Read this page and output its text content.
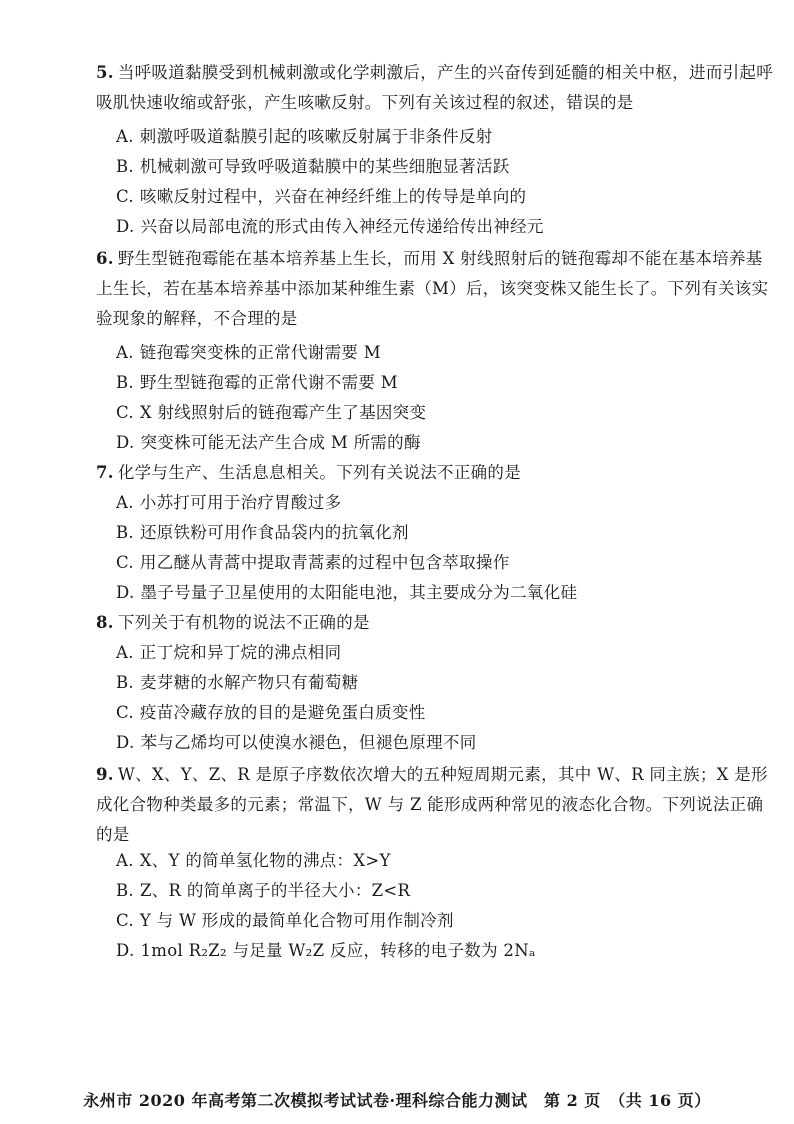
5. 当呼吸道黏膜受到机械刺激或化学刺激后，产生的兴奋传到延髓的相关中枢，进而引起呼吸肌快速收缩或舒张，产生咳嗽反射。下列有关该过程的叙述，错误的是
A. 刺激呼吸道黏膜引起的咳嗽反射属于非条件反射
B. 机械刺激可导致呼吸道黏膜中的某些细胞显著活跃
C. 咳嗽反射过程中，兴奋在神经纤维上的传导是单向的
D. 兴奋以局部电流的形式由传入神经元传递给传出神经元
6. 野生型链孢霉能在基本培养基上生长，而用 X 射线照射后的链孢霉却不能在基本培养基上生长，若在基本培养基中添加某种维生素（M）后，该突变株又能生长了。下列有关该实验现象的解释，不合理的是
A. 链孢霉突变株的正常代谢需要 M
B. 野生型链孢霉的正常代谢不需要 M
C. X 射线照射后的链孢霉产生了基因突变
D. 突变株可能无法产生合成 M 所需的酶
7. 化学与生产、生活息息相关。下列有关说法不正确的是
A. 小苏打可用于治疗胃酸过多
B. 还原铁粉可用作食品袋内的抗氧化剂
C. 用乙醚从青蒿中提取青蒿素的过程中包含萃取操作
D. 墨子号量子卫星使用的太阳能电池，其主要成分为二氧化硅
8. 下列关于有机物的说法不正确的是
A. 正丁烷和异丁烷的沸点相同
B. 麦芽糖的水解产物只有葡萄糖
C. 疫苗冷藏存放的目的是避免蛋白质变性
D. 苯与乙烯均可以使溴水褪色，但褪色原理不同
9. W、X、Y、Z、R 是原子序数依次增大的五种短周期元素，其中 W、R 同主族；X 是形成化合物种类最多的元素；常温下，W 与 Z 能形成两种常见的液态化合物。下列说法正确的是
A. X、Y 的简单氢化物的沸点：X>Y
B. Z、R 的简单离子的半径大小：Z<R
C. Y 与 W 形成的最简单化合物可用作制冷剂
D. 1mol R₂Z₂ 与足量 W₂Z 反应，转移的电子数为 2Nₐ
永州市 2020 年高考第二次模拟考试试卷·理科综合能力测试　第 2 页　（共 16 页）
